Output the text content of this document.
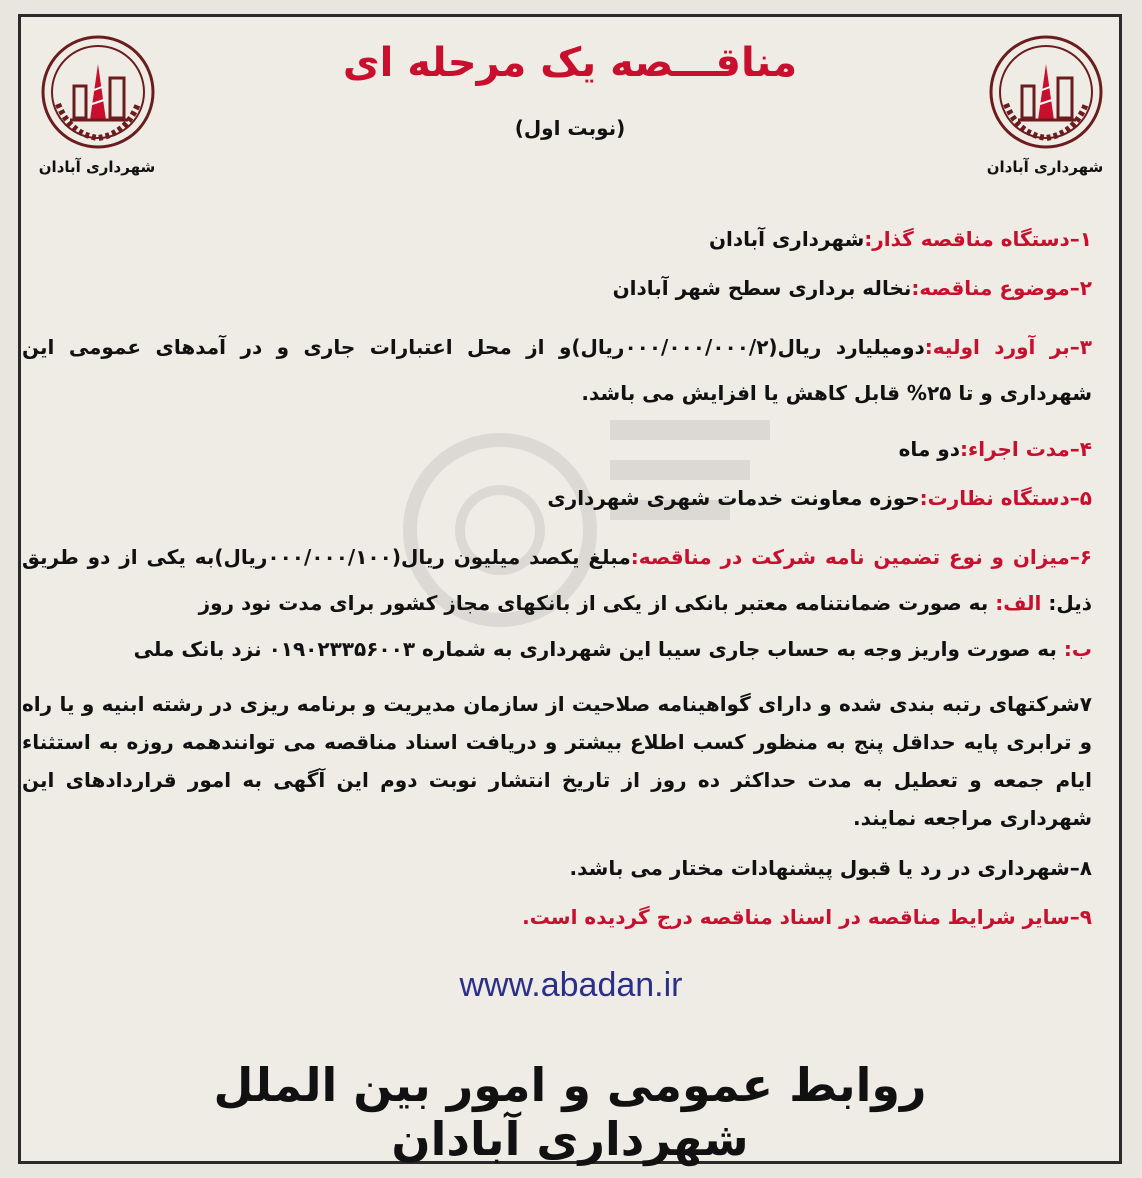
شهرداری آبادان	شهرداری آبادان
مناقـــصه یک مرحله ای
(نوبت اول)
۱–دستگاه مناقصه گذار:شهرداری آبادان
۲–موضوع مناقصه:نخاله برداری سطح شهر آبادان
۳–بر آورد اولیه:دومیلیارد ریال(۰۰۰/۰۰۰/۰۰۰/۲ریال)و از محل اعتبارات جاری و در آمدهای عمومی این شهرداری و تا ۲۵% قابل کاهش یا افزایش می باشد.
۴–مدت اجراء:دو ماه
۵–دستگاه نظارت:حوزه معاونت خدمات شهری شهرداری
۶–میزان و نوع تضمین نامه شرکت در مناقصه:مبلغ یکصد میلیون ریال(۰۰۰/۰۰۰/۱۰۰ریال)به یکی از دو طریق ذیل: الف: به صورت ضمانتنامه معتبر بانکی از یکی از بانکهای مجاز کشور برای مدت نود روز
ب: به صورت واریز وجه به حساب جاری سیبا این شهرداری به شماره ۰۱۹۰۲۳۳۵۶۰۰۳ نزد بانک ملی
۷شرکتهای رتبه بندی شده و دارای گواهینامه صلاحیت از سازمان مدیریت و برنامه ریزی در رشته ابنیه و یا راه و ترابری پایه حداقل پنج به منظور کسب اطلاع بیشتر و دریافت اسناد مناقصه می توانندهمه روزه به استثناء ایام جمعه و تعطیل به مدت حداکثر ده روز از تاریخ انتشار نوبت دوم این آگهی به امور قراردادهای این شهرداری مراجعه نمایند.
۸–شهرداری در رد یا قبول پیشنهادات مختار می باشد.
۹–سایر شرایط مناقصه در اسناد مناقصه درج گردیده است.
www.abadan.ir
روابط عمومی و امور بین الملل شهرداری آبادان
